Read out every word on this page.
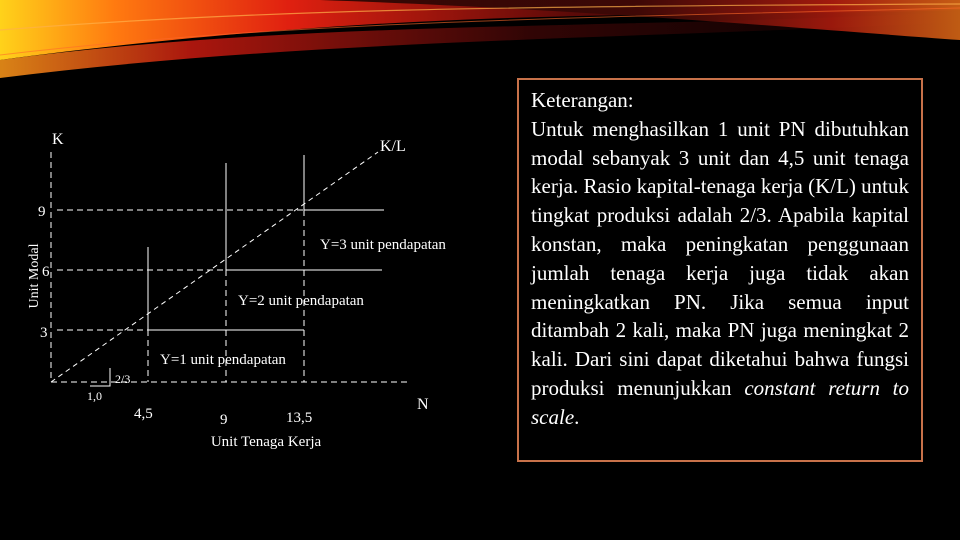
Unit Modal
K	K/L
N
9
6
3
4,5	9	13,5
Unit Tenaga Kerja
Y=1 unit pendapatan
Y=2 unit pendapatan
Y=3 unit pendapatan
2/3
1,0
Keterangan:
Untuk menghasilkan 1 unit PN dibutuhkan modal sebanyak 3 unit dan 4,5 unit tenaga kerja. Rasio kapital-tenaga kerja (K/L) untuk tingkat produksi adalah 2/3. Apabila kapital konstan, maka peningkatan penggunaan jumlah tenaga kerja juga tidak akan meningkatkan PN. Jika semua input ditambah 2 kali, maka PN juga meningkat 2 kali. Dari sini dapat diketahui bahwa fungsi produksi menunjukkan constant return to scale.
